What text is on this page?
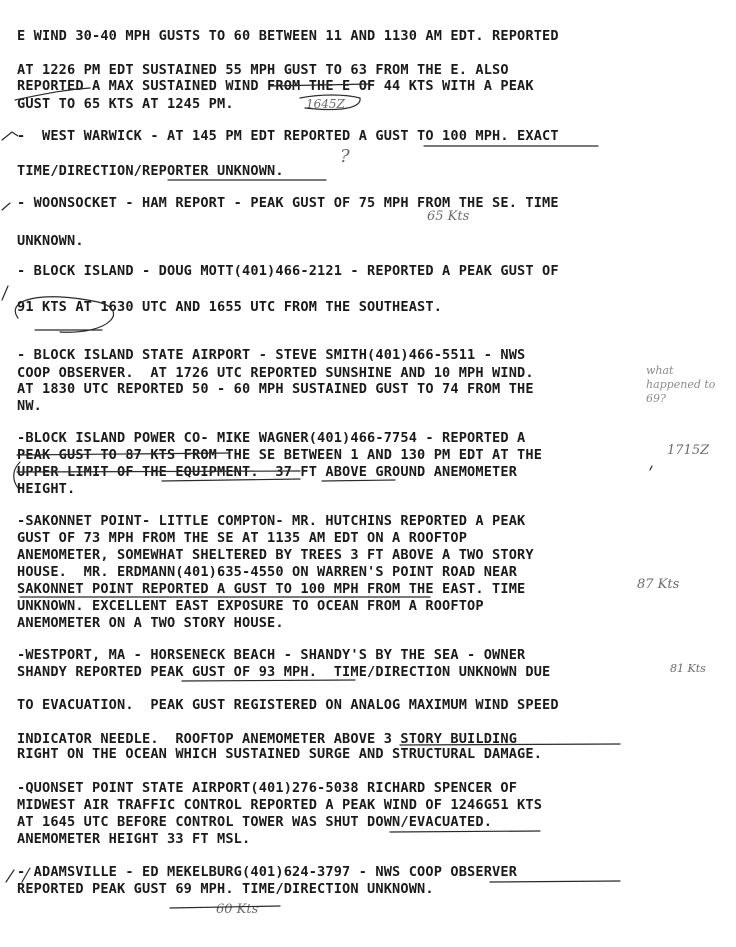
E WIND 30-40 MPH GUSTS TO 60 BETWEEN 11 AND 1130 AM EDT. REPORTED
AT 1226 PM EDT SUSTAINED 55 MPH GUST TO 63 FROM THE E. ALSO
REPORTED A MAX SUSTAINED WIND FROM THE E OF 44 KTS WITH A PEAK
GUST TO 65 KTS AT 1245 PM.
-  WEST WARWICK - AT 145 PM EDT REPORTED A GUST TO 100 MPH. EXACT
TIME/DIRECTION/REPORTER UNKNOWN.
- WOONSOCKET - HAM REPORT - PEAK GUST OF 75 MPH FROM THE SE. TIME
UNKNOWN.
- BLOCK ISLAND - DOUG MOTT(401)466-2121 - REPORTED A PEAK GUST OF
91 KTS AT 1630 UTC AND 1655 UTC FROM THE SOUTHEAST.
- BLOCK ISLAND STATE AIRPORT - STEVE SMITH(401)466-5511 - NWS
COOP OBSERVER.  AT 1726 UTC REPORTED SUNSHINE AND 10 MPH WIND.
AT 1830 UTC REPORTED 50 - 60 MPH SUSTAINED GUST TO 74 FROM THE
NW.
-BLOCK ISLAND POWER CO- MIKE WAGNER(401)466-7754 - REPORTED A
PEAK GUST TO 87 KTS FROM THE SE BETWEEN 1 AND 130 PM EDT AT THE
UPPER LIMIT OF THE EQUIPMENT.  37 FT ABOVE GROUND ANEMOMETER
HEIGHT.
-SAKONNET POINT- LITTLE COMPTON- MR. HUTCHINS REPORTED A PEAK
GUST OF 73 MPH FROM THE SE AT 1135 AM EDT ON A ROOFTOP
ANEMOMETER, SOMEWHAT SHELTERED BY TREES 3 FT ABOVE A TWO STORY
HOUSE.  MR. ERDMANN(401)635-4550 ON WARREN'S POINT ROAD NEAR
SAKONNET POINT REPORTED A GUST TO 100 MPH FROM THE EAST. TIME
UNKNOWN. EXCELLENT EAST EXPOSURE TO OCEAN FROM A ROOFTOP
ANEMOMETER ON A TWO STORY HOUSE.
-WESTPORT, MA - HORSENECK BEACH - SHANDY'S BY THE SEA - OWNER
SHANDY REPORTED PEAK GUST OF 93 MPH.  TIME/DIRECTION UNKNOWN DUE
TO EVACUATION.  PEAK GUST REGISTERED ON ANALOG MAXIMUM WIND SPEED
INDICATOR NEEDLE.  ROOFTOP ANEMOMETER ABOVE 3 STORY BUILDING
RIGHT ON THE OCEAN WHICH SUSTAINED SURGE AND STRUCTURAL DAMAGE.
-QUONSET POINT STATE AIRPORT(401)276-5038 RICHARD SPENCER OF
MIDWEST AIR TRAFFIC CONTROL REPORTED A PEAK WIND OF 1246G51 KTS
AT 1645 UTC BEFORE CONTROL TOWER WAS SHUT DOWN/EVACUATED.
ANEMOMETER HEIGHT 33 FT MSL.
- ADAMSVILLE - ED MEKELBURG(401)624-3797 - NWS COOP OBSERVER
REPORTED PEAK GUST 69 MPH. TIME/DIRECTION UNKNOWN.
1645Z
?
65 Kts
what happened to 69?
1715Z
87 Kts
81 Kts
60 Kts
